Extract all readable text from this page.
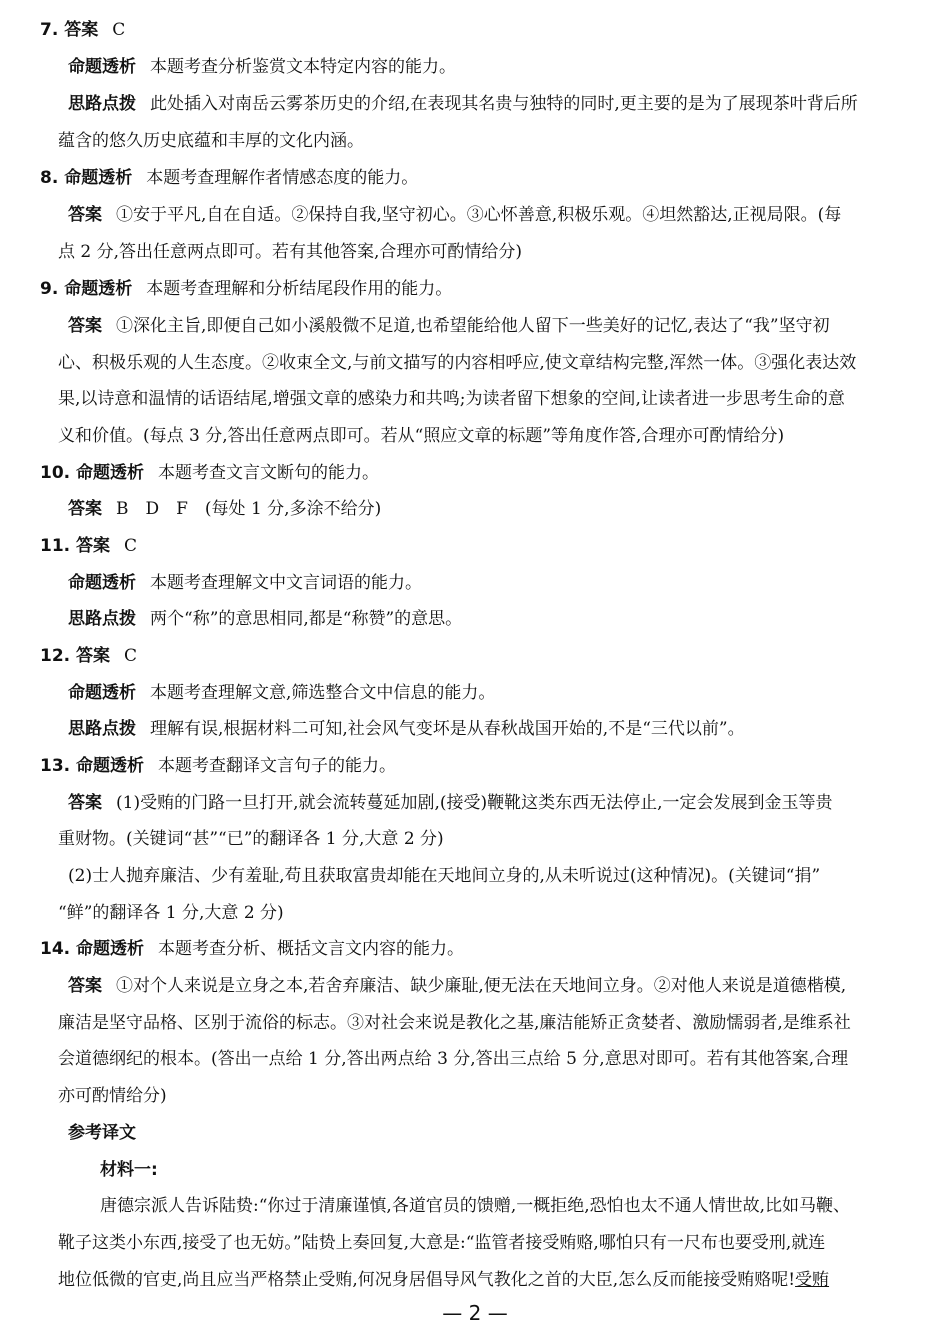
7. 答案 C
命题透析 本题考查分析鉴赏文本特定内容的能力。
思路点拨 此处插入对南岳云雾茶历史的介绍,在表现其名贵与独特的同时,更主要的是为了展现茶叶背后所
蕴含的悠久历史底蕴和丰厚的文化内涵。
8. 命题透析 本题考查理解作者情感态度的能力。
答案 ①安于平凡,自在自适。②保持自我,坚守初心。③心怀善意,积极乐观。④坦然豁达,正视局限。(每
点 2 分,答出任意两点即可。若有其他答案,合理亦可酌情给分)
9. 命题透析 本题考查理解和分析结尾段作用的能力。
答案 ①深化主旨,即便自己如小溪般微不足道,也希望能给他人留下一些美好的记忆,表达了“我”坚守初
心、积极乐观的人生态度。②收束全文,与前文描写的内容相呼应,使文章结构完整,浑然一体。③强化表达效
果,以诗意和温情的话语结尾,增强文章的感染力和共鸣;为读者留下想象的空间,让读者进一步思考生命的意
义和价值。(每点 3 分,答出任意两点即可。若从“照应文章的标题”等角度作答,合理亦可酌情给分)
10. 命题透析 本题考查文言文断句的能力。
答案 B　D　F　(每处 1 分,多涂不给分)
11. 答案 C
命题透析 本题考查理解文中文言词语的能力。
思路点拨 两个“称”的意思相同,都是“称赞”的意思。
12. 答案 C
命题透析 本题考查理解文意,筛选整合文中信息的能力。
思路点拨 理解有误,根据材料二可知,社会风气变坏是从春秋战国开始的,不是“三代以前”。
13. 命题透析 本题考查翻译文言句子的能力。
答案 (1)受贿的门路一旦打开,就会流转蔓延加剧,(接受)鞭靴这类东西无法停止,一定会发展到金玉等贵
重财物。(关键词“甚”“已”的翻译各 1 分,大意 2 分)
(2)士人抛弃廉洁、少有羞耻,苟且获取富贵却能在天地间立身的,从未听说过(这种情况)。(关键词“捐”
“鲜”的翻译各 1 分,大意 2 分)
14. 命题透析 本题考查分析、概括文言文内容的能力。
答案 ①对个人来说是立身之本,若舍弃廉洁、缺少廉耻,便无法在天地间立身。②对他人来说是道德楷模,
廉洁是坚守品格、区别于流俗的标志。③对社会来说是教化之基,廉洁能矫正贪婪者、激励懦弱者,是维系社
会道德纲纪的根本。(答出一点给 1 分,答出两点给 3 分,答出三点给 5 分,意思对即可。若有其他答案,合理
亦可酌情给分)
参考译文
材料一:
唐德宗派人告诉陆贽:“你过于清廉谨慎,各道官员的馈赠,一概拒绝,恐怕也太不通人情世故,比如马鞭、
靴子这类小东西,接受了也无妨。”陆贽上奏回复,大意是:“监管者接受贿赂,哪怕只有一尺布也要受刑,就连
地位低微的官吏,尚且应当严格禁止受贿,何况身居倡导风气教化之首的大臣,怎么反而能接受贿赂呢!受贿
— 2 —
